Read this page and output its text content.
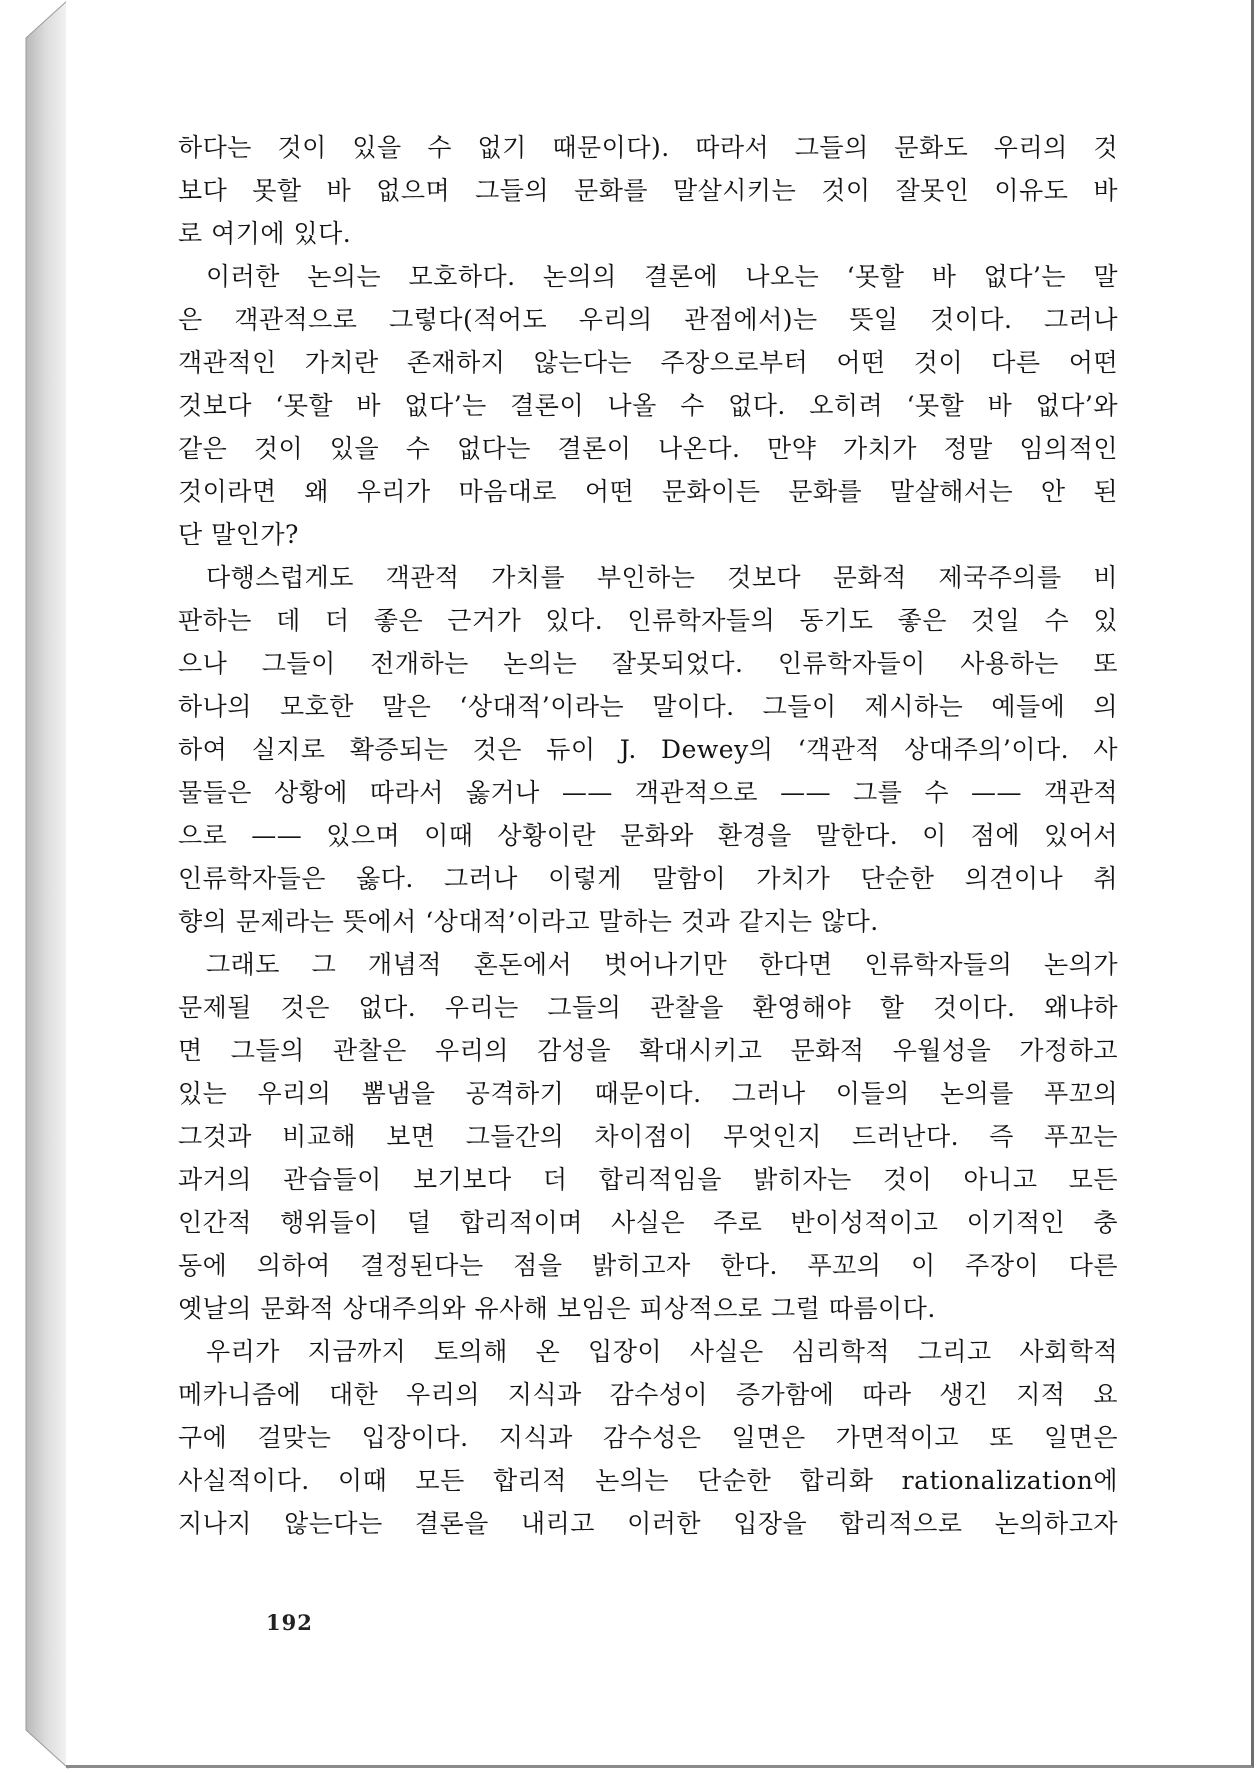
하다는 것이 있을 수 없기 때문이다). 따라서 그들의 문화도 우리의 것
보다 못할 바 없으며 그들의 문화를 말살시키는 것이 잘못인 이유도 바
로 여기에 있다.
이러한 논의는 모호하다. 논의의 결론에 나오는 ‘못할 바 없다’는 말
은 객관적으로 그렇다(적어도 우리의 관점에서)는 뜻일 것이다. 그러나
객관적인 가치란 존재하지 않는다는 주장으로부터 어떤 것이 다른 어떤
것보다 ‘못할 바 없다’는 결론이 나올 수 없다. 오히려 ‘못할 바 없다’와
같은 것이 있을 수 없다는 결론이 나온다. 만약 가치가 정말 임의적인
것이라면 왜 우리가 마음대로 어떤 문화이든 문화를 말살해서는 안 된
단 말인가?
다행스럽게도 객관적 가치를 부인하는 것보다 문화적 제국주의를 비
판하는 데 더 좋은 근거가 있다. 인류학자들의 동기도 좋은 것일 수 있
으나 그들이 전개하는 논의는 잘못되었다. 인류학자들이 사용하는 또
하나의 모호한 말은 ‘상대적’이라는 말이다. 그들이 제시하는 예들에 의
하여 실지로 확증되는 것은 듀이 J. Dewey의 ‘객관적 상대주의’이다. 사
물들은 상황에 따라서 옳거나 —— 객관적으로 —— 그를 수 —— 객관적
으로 —— 있으며 이때 상황이란 문화와 환경을 말한다. 이 점에 있어서
인류학자들은 옳다. 그러나 이렇게 말함이 가치가 단순한 의견이나 취
향의 문제라는 뜻에서 ‘상대적’이라고 말하는 것과 같지는 않다.
그래도 그 개념적 혼돈에서 벗어나기만 한다면 인류학자들의 논의가
문제될 것은 없다. 우리는 그들의 관찰을 환영해야 할 것이다. 왜냐하
면 그들의 관찰은 우리의 감성을 확대시키고 문화적 우월성을 가정하고
있는 우리의 뽐냄을 공격하기 때문이다. 그러나 이들의 논의를 푸꼬의
그것과 비교해 보면 그들간의 차이점이 무엇인지 드러난다. 즉 푸꼬는
과거의 관습들이 보기보다 더 합리적임을 밝히자는 것이 아니고 모든
인간적 행위들이 덜 합리적이며 사실은 주로 반이성적이고 이기적인 충
동에 의하여 결정된다는 점을 밝히고자 한다. 푸꼬의 이 주장이 다른
옛날의 문화적 상대주의와 유사해 보임은 피상적으로 그럴 따름이다.
우리가 지금까지 토의해 온 입장이 사실은 심리학적 그리고 사회학적
메카니즘에 대한 우리의 지식과 감수성이 증가함에 따라 생긴 지적 요
구에 걸맞는 입장이다. 지식과 감수성은 일면은 가면적이고 또 일면은
사실적이다. 이때 모든 합리적 논의는 단순한 합리화 rationalization에
지나지 않는다는 결론을 내리고 이러한 입장을 합리적으로 논의하고자
192
